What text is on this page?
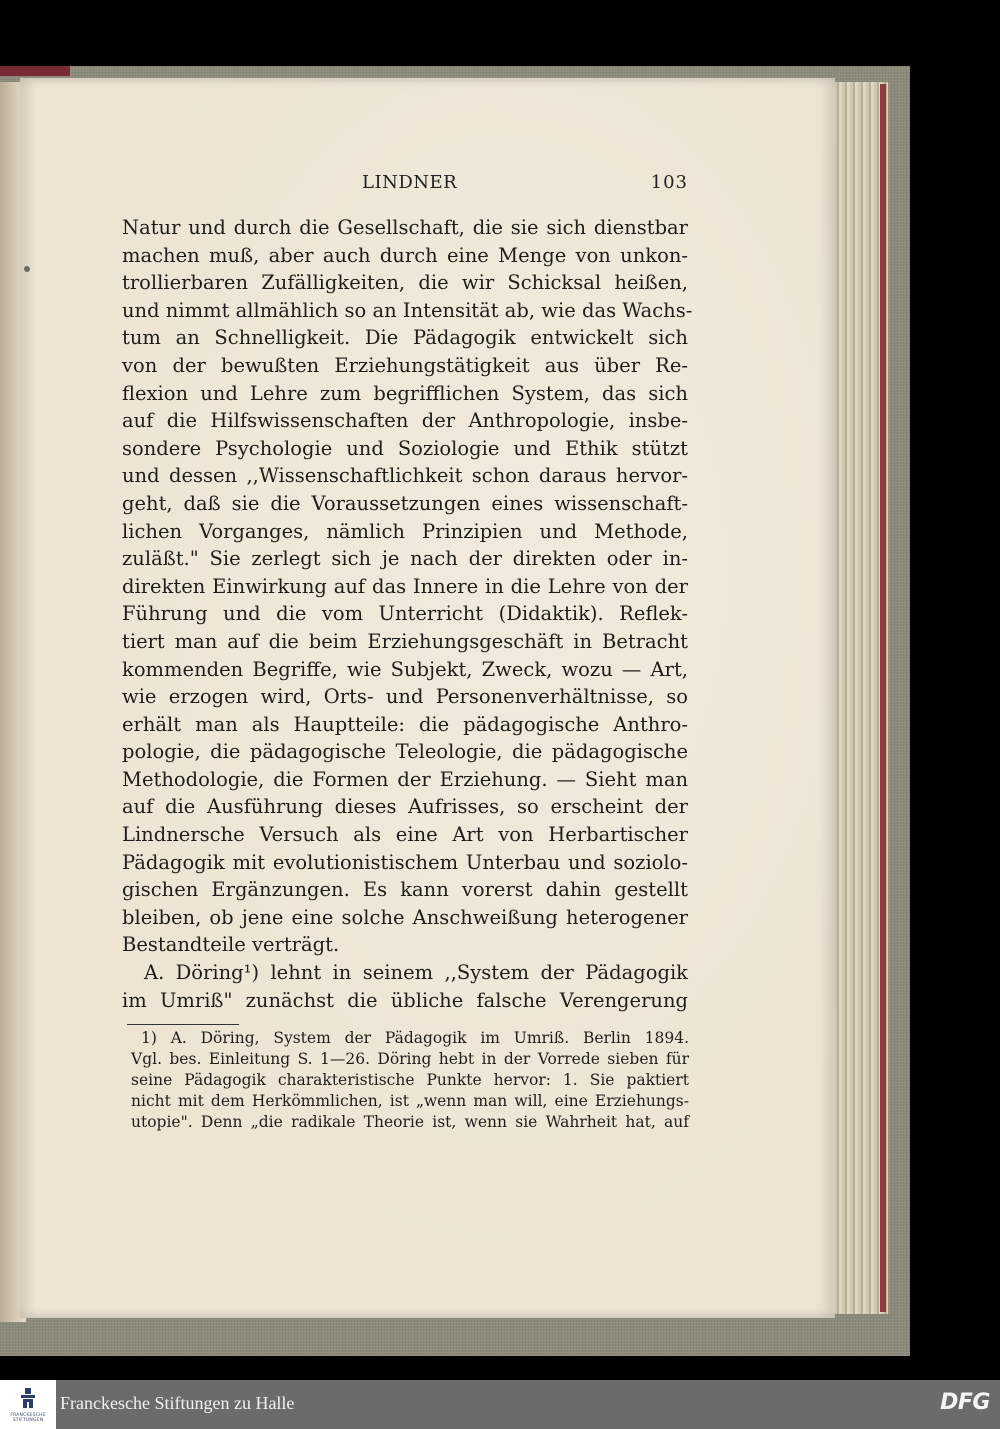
LINDNER	103
Natur und durch die Gesellschaft, die sie sich dienstbar
machen muß, aber auch durch eine Menge von unkon-
trollierbaren Zufälligkeiten, die wir Schicksal heißen,
und nimmt allmählich so an Intensität ab, wie das Wachs-
tum an Schnelligkeit. Die Pädagogik entwickelt sich
von der bewußten Erziehungstätigkeit aus über Re-
flexion und Lehre zum begrifflichen System, das sich
auf die Hilfswissenschaften der Anthropologie, insbe-
sondere Psychologie und Soziologie und Ethik stützt
und dessen ,,Wissenschaftlichkeit schon daraus hervor-
geht, daß sie die Voraussetzungen eines wissenschaft-
lichen Vorganges, nämlich Prinzipien und Methode,
zuläßt." Sie zerlegt sich je nach der direkten oder in-
direkten Einwirkung auf das Innere in die Lehre von der
Führung und die vom Unterricht (Didaktik). Reflek-
tiert man auf die beim Erziehungsgeschäft in Betracht
kommenden Begriffe, wie Subjekt, Zweck, wozu — Art,
wie erzogen wird, Orts- und Personenverhältnisse, so
erhält man als Hauptteile: die pädagogische Anthro-
pologie, die pädagogische Teleologie, die pädagogische
Methodologie, die Formen der Erziehung. — Sieht man
auf die Ausführung dieses Aufrisses, so erscheint der
Lindnersche Versuch als eine Art von Herbartischer
Pädagogik mit evolutionistischem Unterbau und soziolo-
gischen Ergänzungen. Es kann vorerst dahin gestellt
bleiben, ob jene eine solche Anschweißung heterogener
Bestandteile verträgt.
A. Döring¹) lehnt in seinem ,,System der Pädagogik
im Umriß" zunächst die übliche falsche Verengerung
1) A. Döring, System der Pädagogik im Umriß. Berlin 1894.
Vgl. bes. Einleitung S. 1—26. Döring hebt in der Vorrede sieben für
seine Pädagogik charakteristische Punkte hervor: 1. Sie paktiert
nicht mit dem Herkömmlichen, ist „wenn man will, eine Erziehungs-
utopie". Denn „die radikale Theorie ist, wenn sie Wahrheit hat, auf
FRANCKESCHE STIFTUNGEN
Franckesche Stiftungen zu Halle	DFG
